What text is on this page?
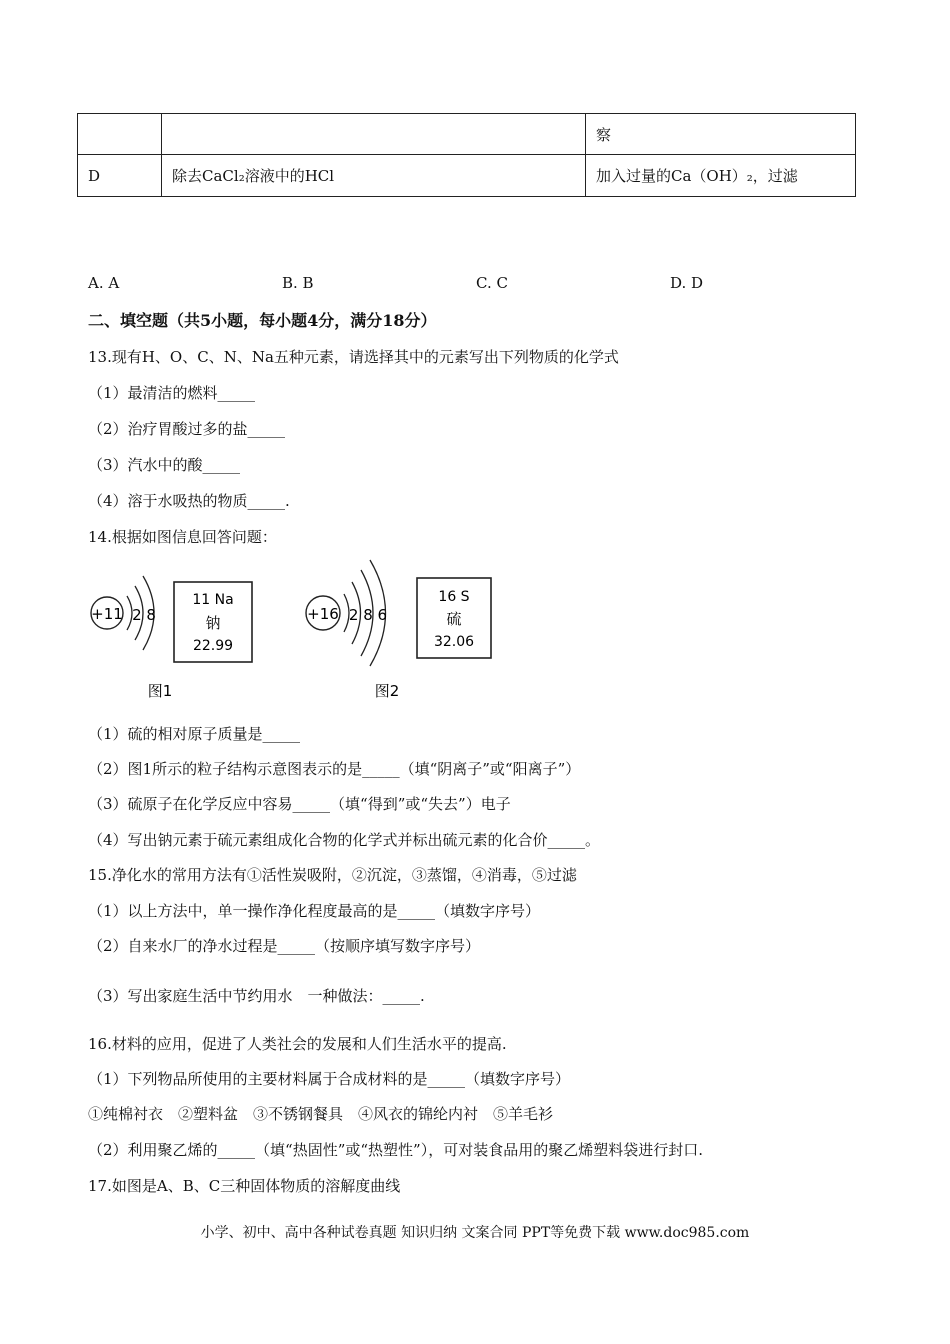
		察
D	除去CaCl₂溶液中的HCl	加入过量的Ca（OH）₂，过滤
A. A	B. B	C. C	D. D
二、填空题（共5小题，每小题4分，满分18分）
13.现有H、O、C、N、Na五种元素，请选择其中的元素写出下列物质的化学式
（1）最清洁的燃料_____
（2）治疗胃酸过多的盐_____
（3）汽水中的酸_____
（4）溶于水吸热的物质_____.
14.根据如图信息回答问题：
+11 2 8
11 Na
钠
22.99
图1
+16 2 8 6
16 S
硫
32.06
图2
（1）硫的相对原子质量是_____
（2）图1所示的粒子结构示意图表示的是_____（填“阴离子”或“阳离子”）
（3）硫原子在化学反应中容易_____（填“得到”或“失去”）电子
（4）写出钠元素于硫元素组成化合物的化学式并标出硫元素的化合价_____。
15.净化水的常用方法有①活性炭吸附，②沉淀，③蒸馏，④消毒，⑤过滤
（1）以上方法中，单一操作净化程度最高的是_____（填数字序号）
（2）自来水厂的净水过程是_____（按顺序填写数字序号）
（3）写出家庭生活中节约用水　一种做法：_____.
16.材料的应用，促进了人类社会的发展和人们生活水平的提高.
（1）下列物品所使用的主要材料属于合成材料的是_____（填数字序号）
①纯棉衬衣　②塑料盆　③不锈钢餐具　④风衣的锦纶内衬　⑤羊毛衫
（2）利用聚乙烯的_____（填“热固性”或“热塑性”），可对装食品用的聚乙烯塑料袋进行封口.
17.如图是A、B、C三种固体物质的溶解度曲线
小学、初中、高中各种试卷真题 知识归纳 文案合同 PPT等免费下载 www.doc985.com
